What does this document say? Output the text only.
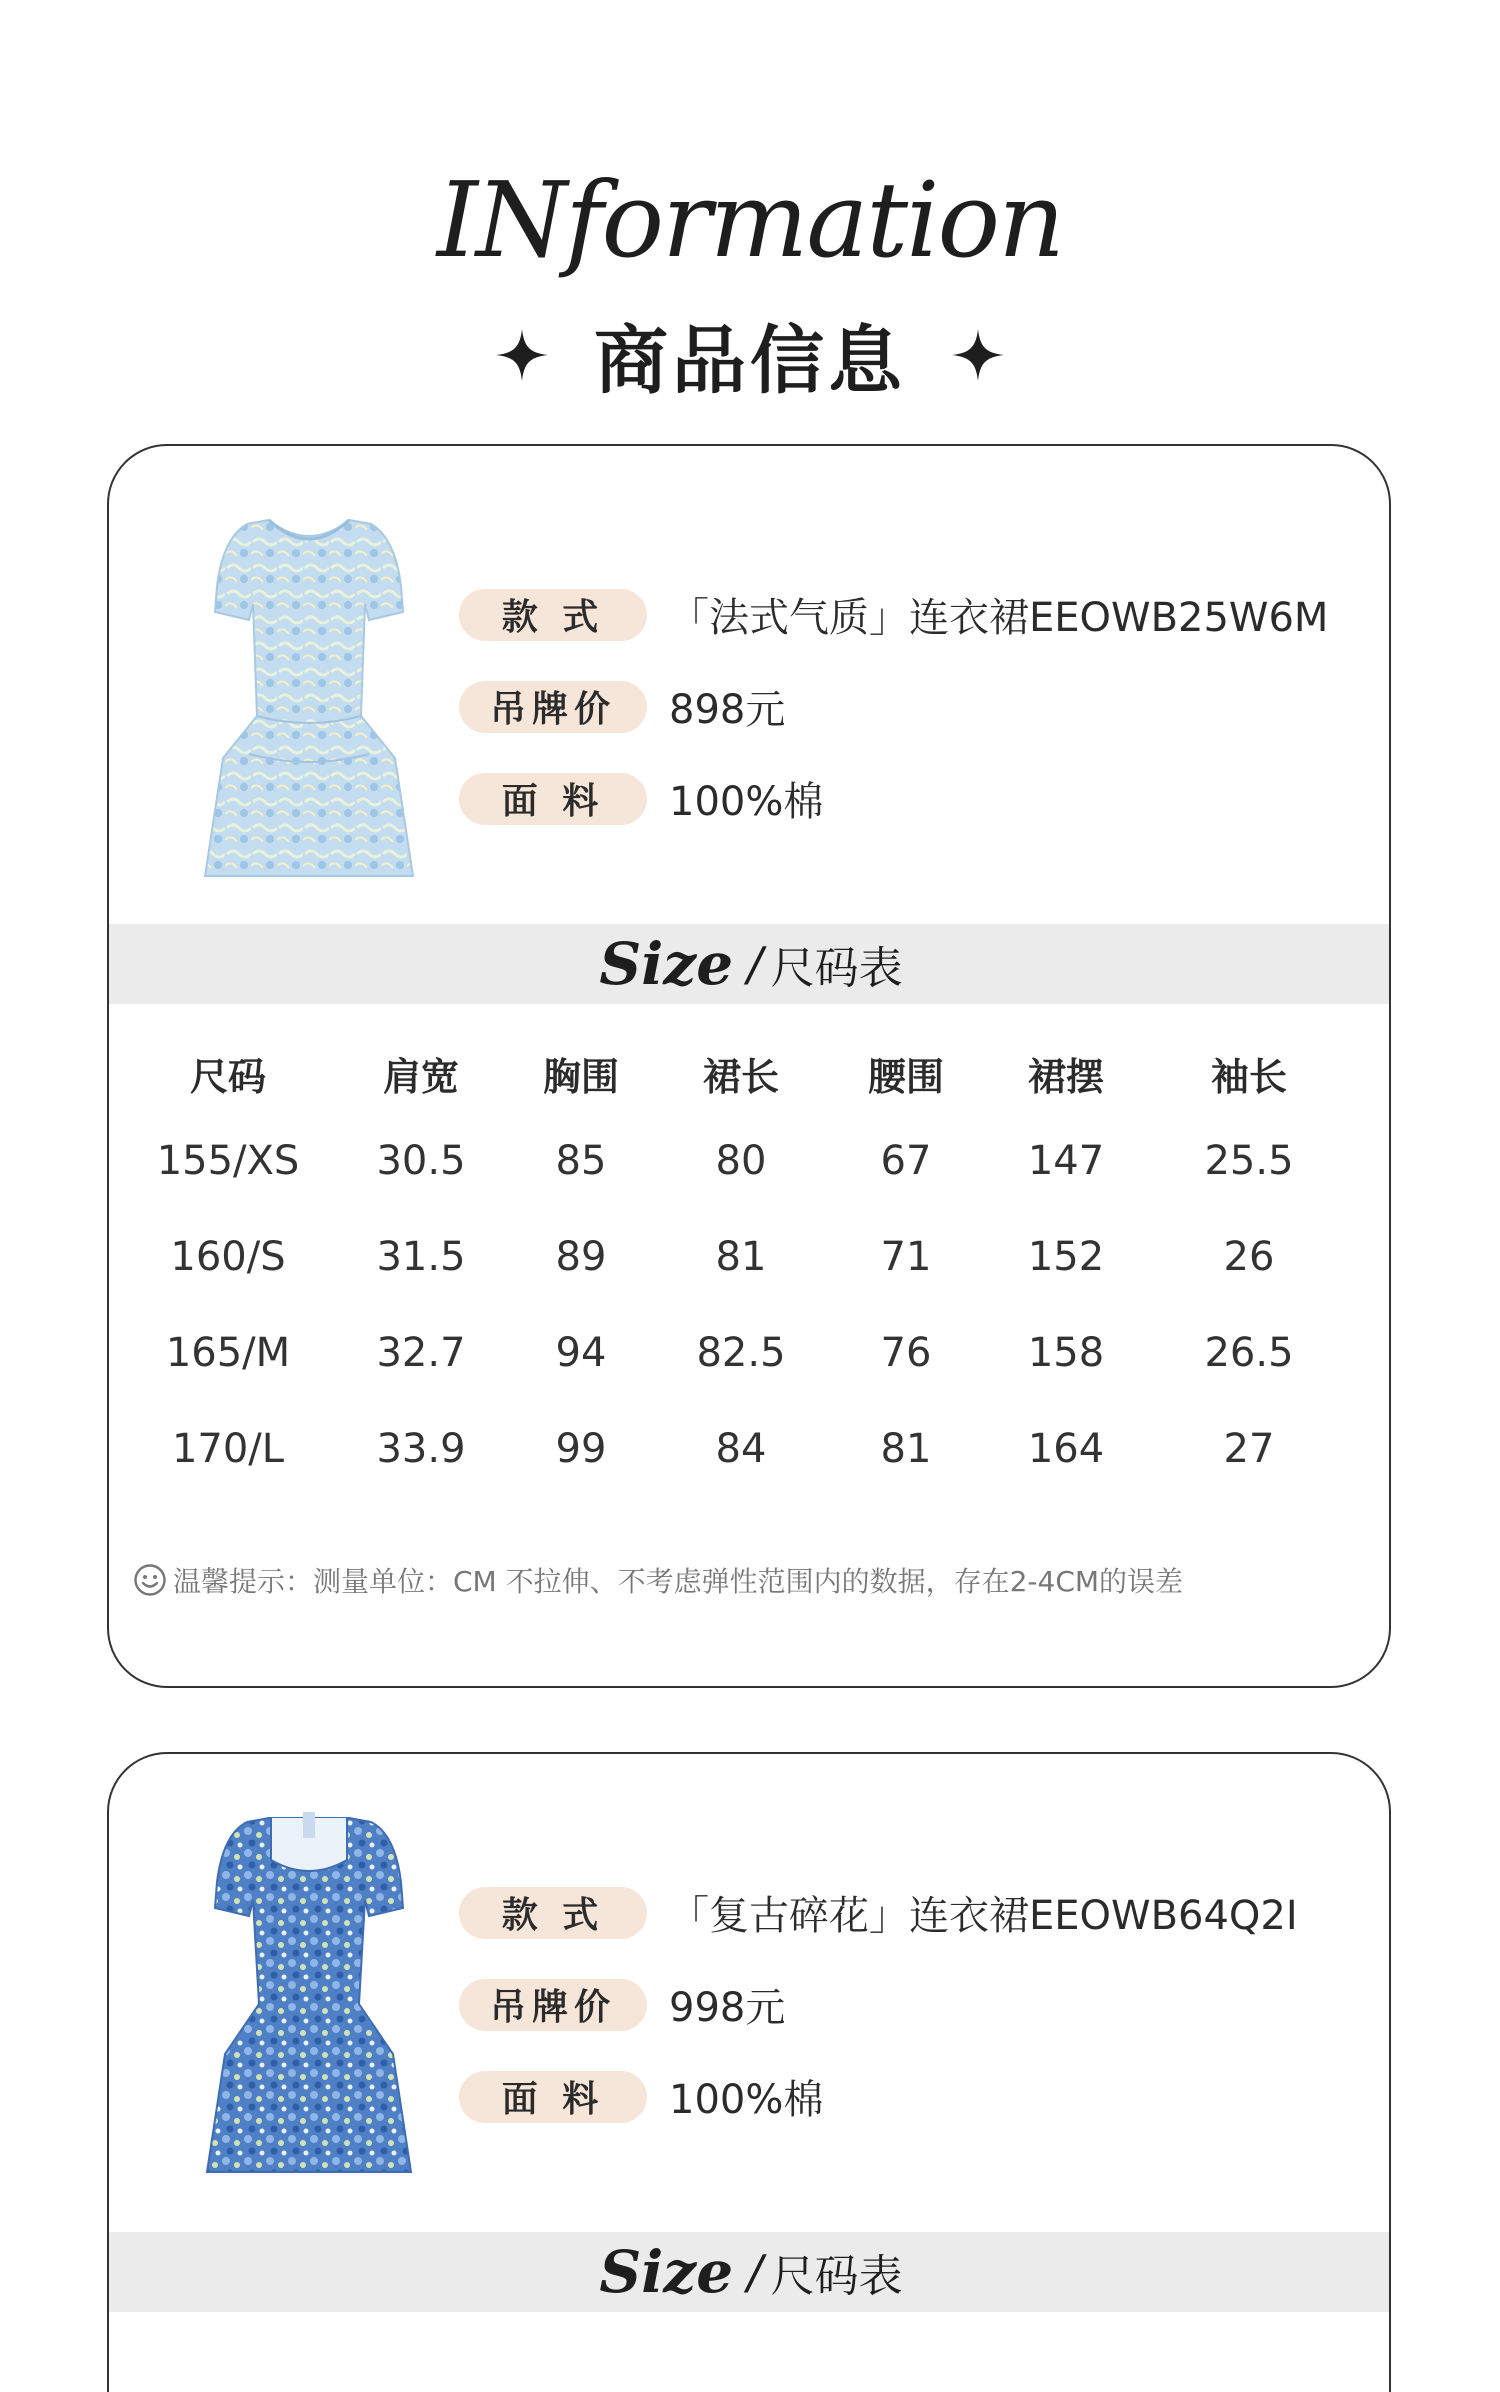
INformation
商品信息
款 式	「法式气质」连衣裙EEOWB25W6M
吊牌价	898元
面 料	100%棉
Size / 尺码表
尺码	肩宽 胸围 裙长 腰围 裙摆	袖长
155/XS 30.5 85	80	67 147	25.5
160/S 31.5 89	81	71 152	26
165/M 32.7 94 82.5 76 158	26.5
170/L 33.9 99	84	81 164	27
温馨提示：测量单位：CM 不拉伸、不考虑弹性范围内的数据，存在2-4CM的误差
款 式	「复古碎花」连衣裙EEOWB64Q2I
吊牌价	998元
面 料	100%棉
Size / 尺码表
